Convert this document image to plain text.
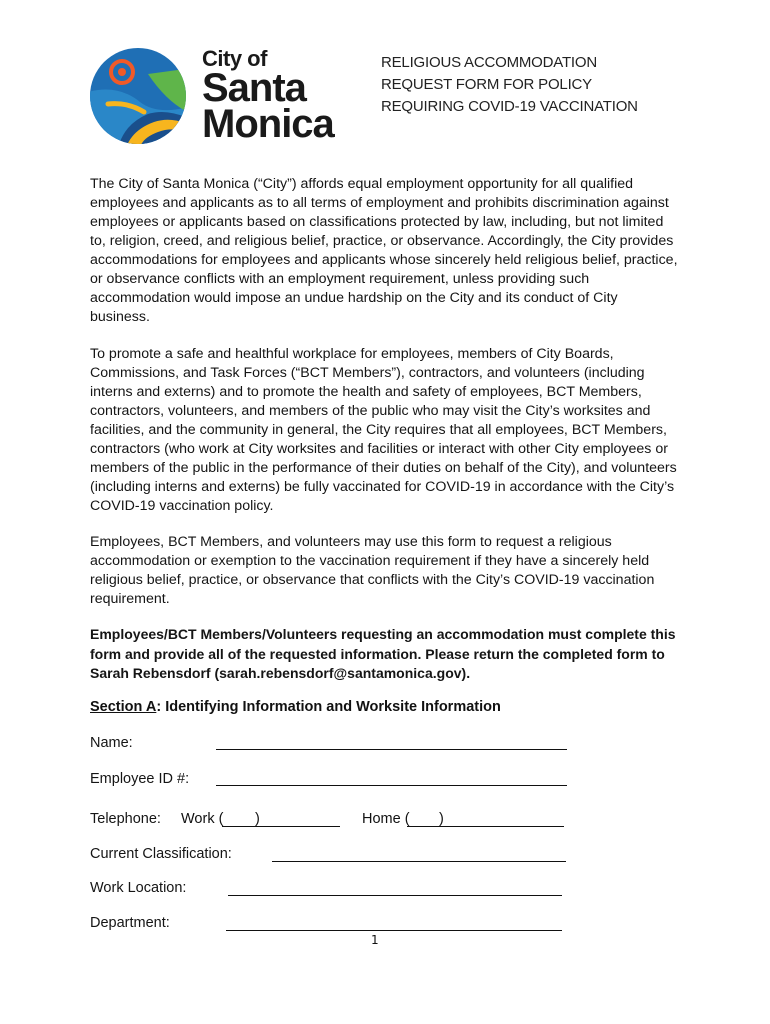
City of
Santa
Monica
RELIGIOUS ACCOMMODATION
REQUEST FORM FOR POLICY
REQUIRING COVID-19 VACCINATION
The City of Santa Monica (“City”) affords equal employment opportunity for all qualified employees and applicants as to all terms of employment and prohibits discrimination against employees or applicants based on classifications protected by law, including, but not limited to, religion, creed, and religious belief, practice, or observance. Accordingly, the City provides accommodations for employees and applicants whose sincerely held religious belief, practice, or observance conflicts with an employment requirement, unless providing such accommodation would impose an undue hardship on the City and its conduct of City business.
To promote a safe and healthful workplace for employees, members of City Boards, Commissions, and Task Forces (“BCT Members”), contractors, and volunteers (including interns and externs) and to promote the health and safety of employees, BCT Members, contractors, volunteers, and members of the public who may visit the City’s worksites and facilities, and the community in general, the City requires that all employees, BCT Members, contractors (who work at City worksites and facilities or interact with other City employees or members of the public in the performance of their duties on behalf of the City), and volunteers (including interns and externs) be fully vaccinated for COVID-19 in accordance with the City’s COVID-19 vaccination policy.
Employees, BCT Members, and volunteers may use this form to request a religious accommodation or exemption to the vaccination requirement if they have a sincerely held religious belief, practice, or observance that conflicts with the City’s COVID-19 vaccination requirement.
Employees/BCT Members/Volunteers requesting an accommodation must complete this form and provide all of the requested information. Please return the completed form to Sarah Rebensdorf (sarah.rebensdorf@santamonica.gov).
Section A: Identifying Information and Worksite Information
Name:
Employee ID #:
Telephone: Work ( )	Home ( )
Current Classification:
Work Location:
Department:
1
